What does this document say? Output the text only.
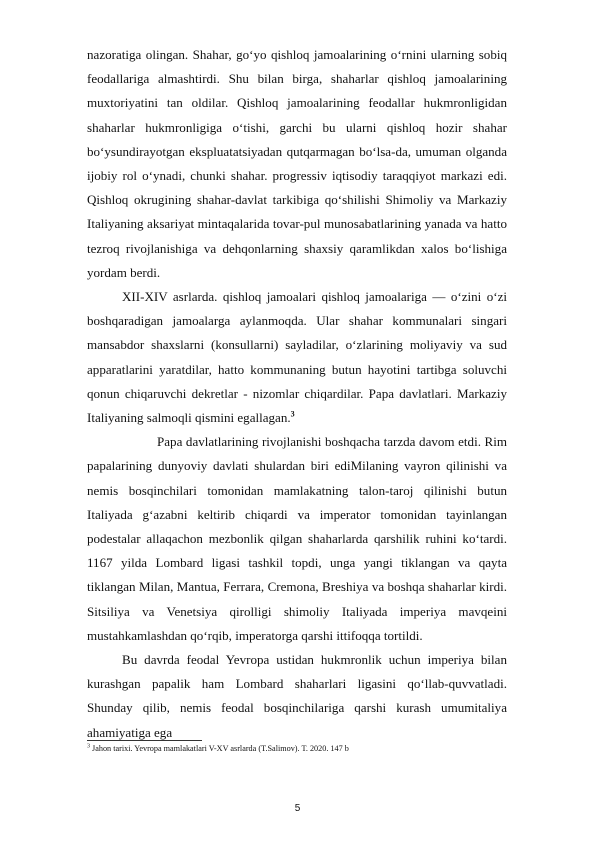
nazoratiga olingan. Shahar, go‘yo qishloq jamoalarining o‘rnini ularning sobiq feodallariga almashtirdi. Shu bilan birga, shaharlar qishloq jamoalarining muxtoriyatini tan oldilar. Qishloq jamoalarining feodallar hukmronligidan shaharlar hukmronligiga o‘tishi, garchi bu ularni qishloq hozir shahar bo‘ysundirayotgan ekspluatatsiyadan qutqarmagan bo‘lsa-da, umuman olganda ijobiy rol o‘ynadi, chunki shahar. progressiv iqtisodiy taraqqiyot markazi edi. Qishloq okrugining shahar-davlat tarkibiga qo‘shilishi Shimoliy va Markaziy Italiyaning aksariyat mintaqalarida tovar-pul munosabatlarining yanada va hatto tezroq rivojlanishiga va dehqonlarning shaxsiy qaramlikdan xalos bo‘lishiga yordam berdi.

XII-XIV asrlarda. qishloq jamoalari qishloq jamoalariga — o‘zini o‘zi boshqaradigan jamoalarga aylanmoqda. Ular shahar kommunalari singari mansabdor shaxslarni (konsullarni) sayladilar, o‘zlarining moliyaviy va sud apparatlarini yaratdilar, hatto kommunaning butun hayotini tartibga soluvchi qonun chiqaruvchi dekretlar - nizomlar chiqardilar. Papa davlatlari. Markaziy Italiyaning salmoqli qismini egallagan.$^3$

Papa davlatlarining rivojlanishi boshqacha tarzda davom etdi. Rim papalarining dunyoviy davlati shulardan biri ediMilaning vayron qilinishi va nemis bosqinchilari tomonidan mamlakatning talon-taroj qilinishi butun Italiyada g‘azabni keltirib chiqardi va imperator tomonidan tayinlangan podestalar allaqachon mezbonlik qilgan shaharlarda qarshilik ruhini ko‘tardi. 1167 yilda Lombard ligasi tashkil topdi, unga yangi tiklangan va qayta tiklangan Milan, Mantua, Ferrara, Cremona, Breshiya va boshqa shaharlar kirdi. Sitsiliya va Venetsiya qirolligi shimoliy Italiyada imperiya mavqeini mustahkamlashdan qo‘rqib, imperatorga qarshi ittifoqqa tortildi.

Bu davrda feodal Yevropa ustidan hukmronlik uchun imperiya bilan kurashgan papalik ham Lombard shaharlari ligasini qo‘llab-quvvatladi. Shunday qilib, nemis feodal bosqinchilariga qarshi kurash umumitaliya ahamiyatiga ega

$^3$ Jahon tarixi. Yevropa mamlakatlari V-XV asrlarda (T.Salimov). T. 2020. 147 b
5
